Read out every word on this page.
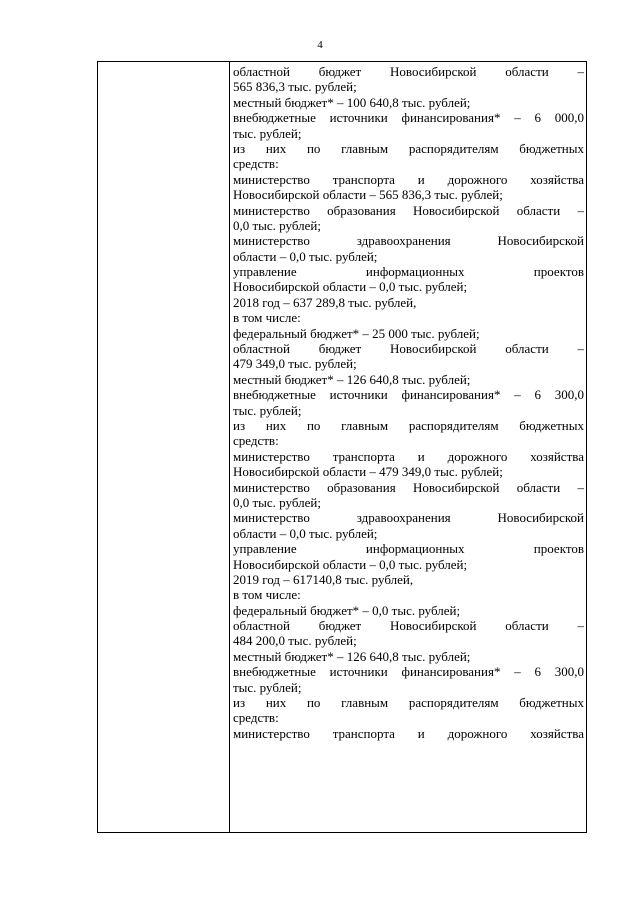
4

областной бюджет Новосибирской области –
565 836,3 тыс. рублей;
местный бюджет* – 100 640,8 тыс. рублей;
внебюджетные источники финансирования* – 6 000,0
тыс. рублей;
из них по главным распорядителям бюджетных
средств:
министерство транспорта и дорожного хозяйства
Новосибирской области – 565 836,3 тыс. рублей;
министерство образования Новосибирской области –
0,0 тыс. рублей;
министерство здравоохранения Новосибирской
области – 0,0 тыс. рублей;
управление информационных проектов
Новосибирской области – 0,0 тыс. рублей;
2018 год – 637 289,8 тыс. рублей,
в том числе:
федеральный бюджет* – 25 000 тыс. рублей;
областной бюджет Новосибирской области –
479 349,0 тыс. рублей;
местный бюджет* – 126 640,8 тыс. рублей;
внебюджетные источники финансирования* – 6 300,0
тыс. рублей;
из них по главным распорядителям бюджетных
средств:
министерство транспорта и дорожного хозяйства
Новосибирской области – 479 349,0 тыс. рублей;
министерство образования Новосибирской области –
0,0 тыс. рублей;
министерство здравоохранения Новосибирской
области – 0,0 тыс. рублей;
управление информационных проектов
Новосибирской области – 0,0 тыс. рублей;
2019 год – 617140,8 тыс. рублей,
в том числе:
федеральный бюджет* – 0,0 тыс. рублей;
областной бюджет Новосибирской области –
484 200,0 тыс. рублей;
местный бюджет* – 126 640,8 тыс. рублей;
внебюджетные источники финансирования* – 6 300,0
тыс. рублей;
из них по главным распорядителям бюджетных
средств:
министерство транспорта и дорожного хозяйства
